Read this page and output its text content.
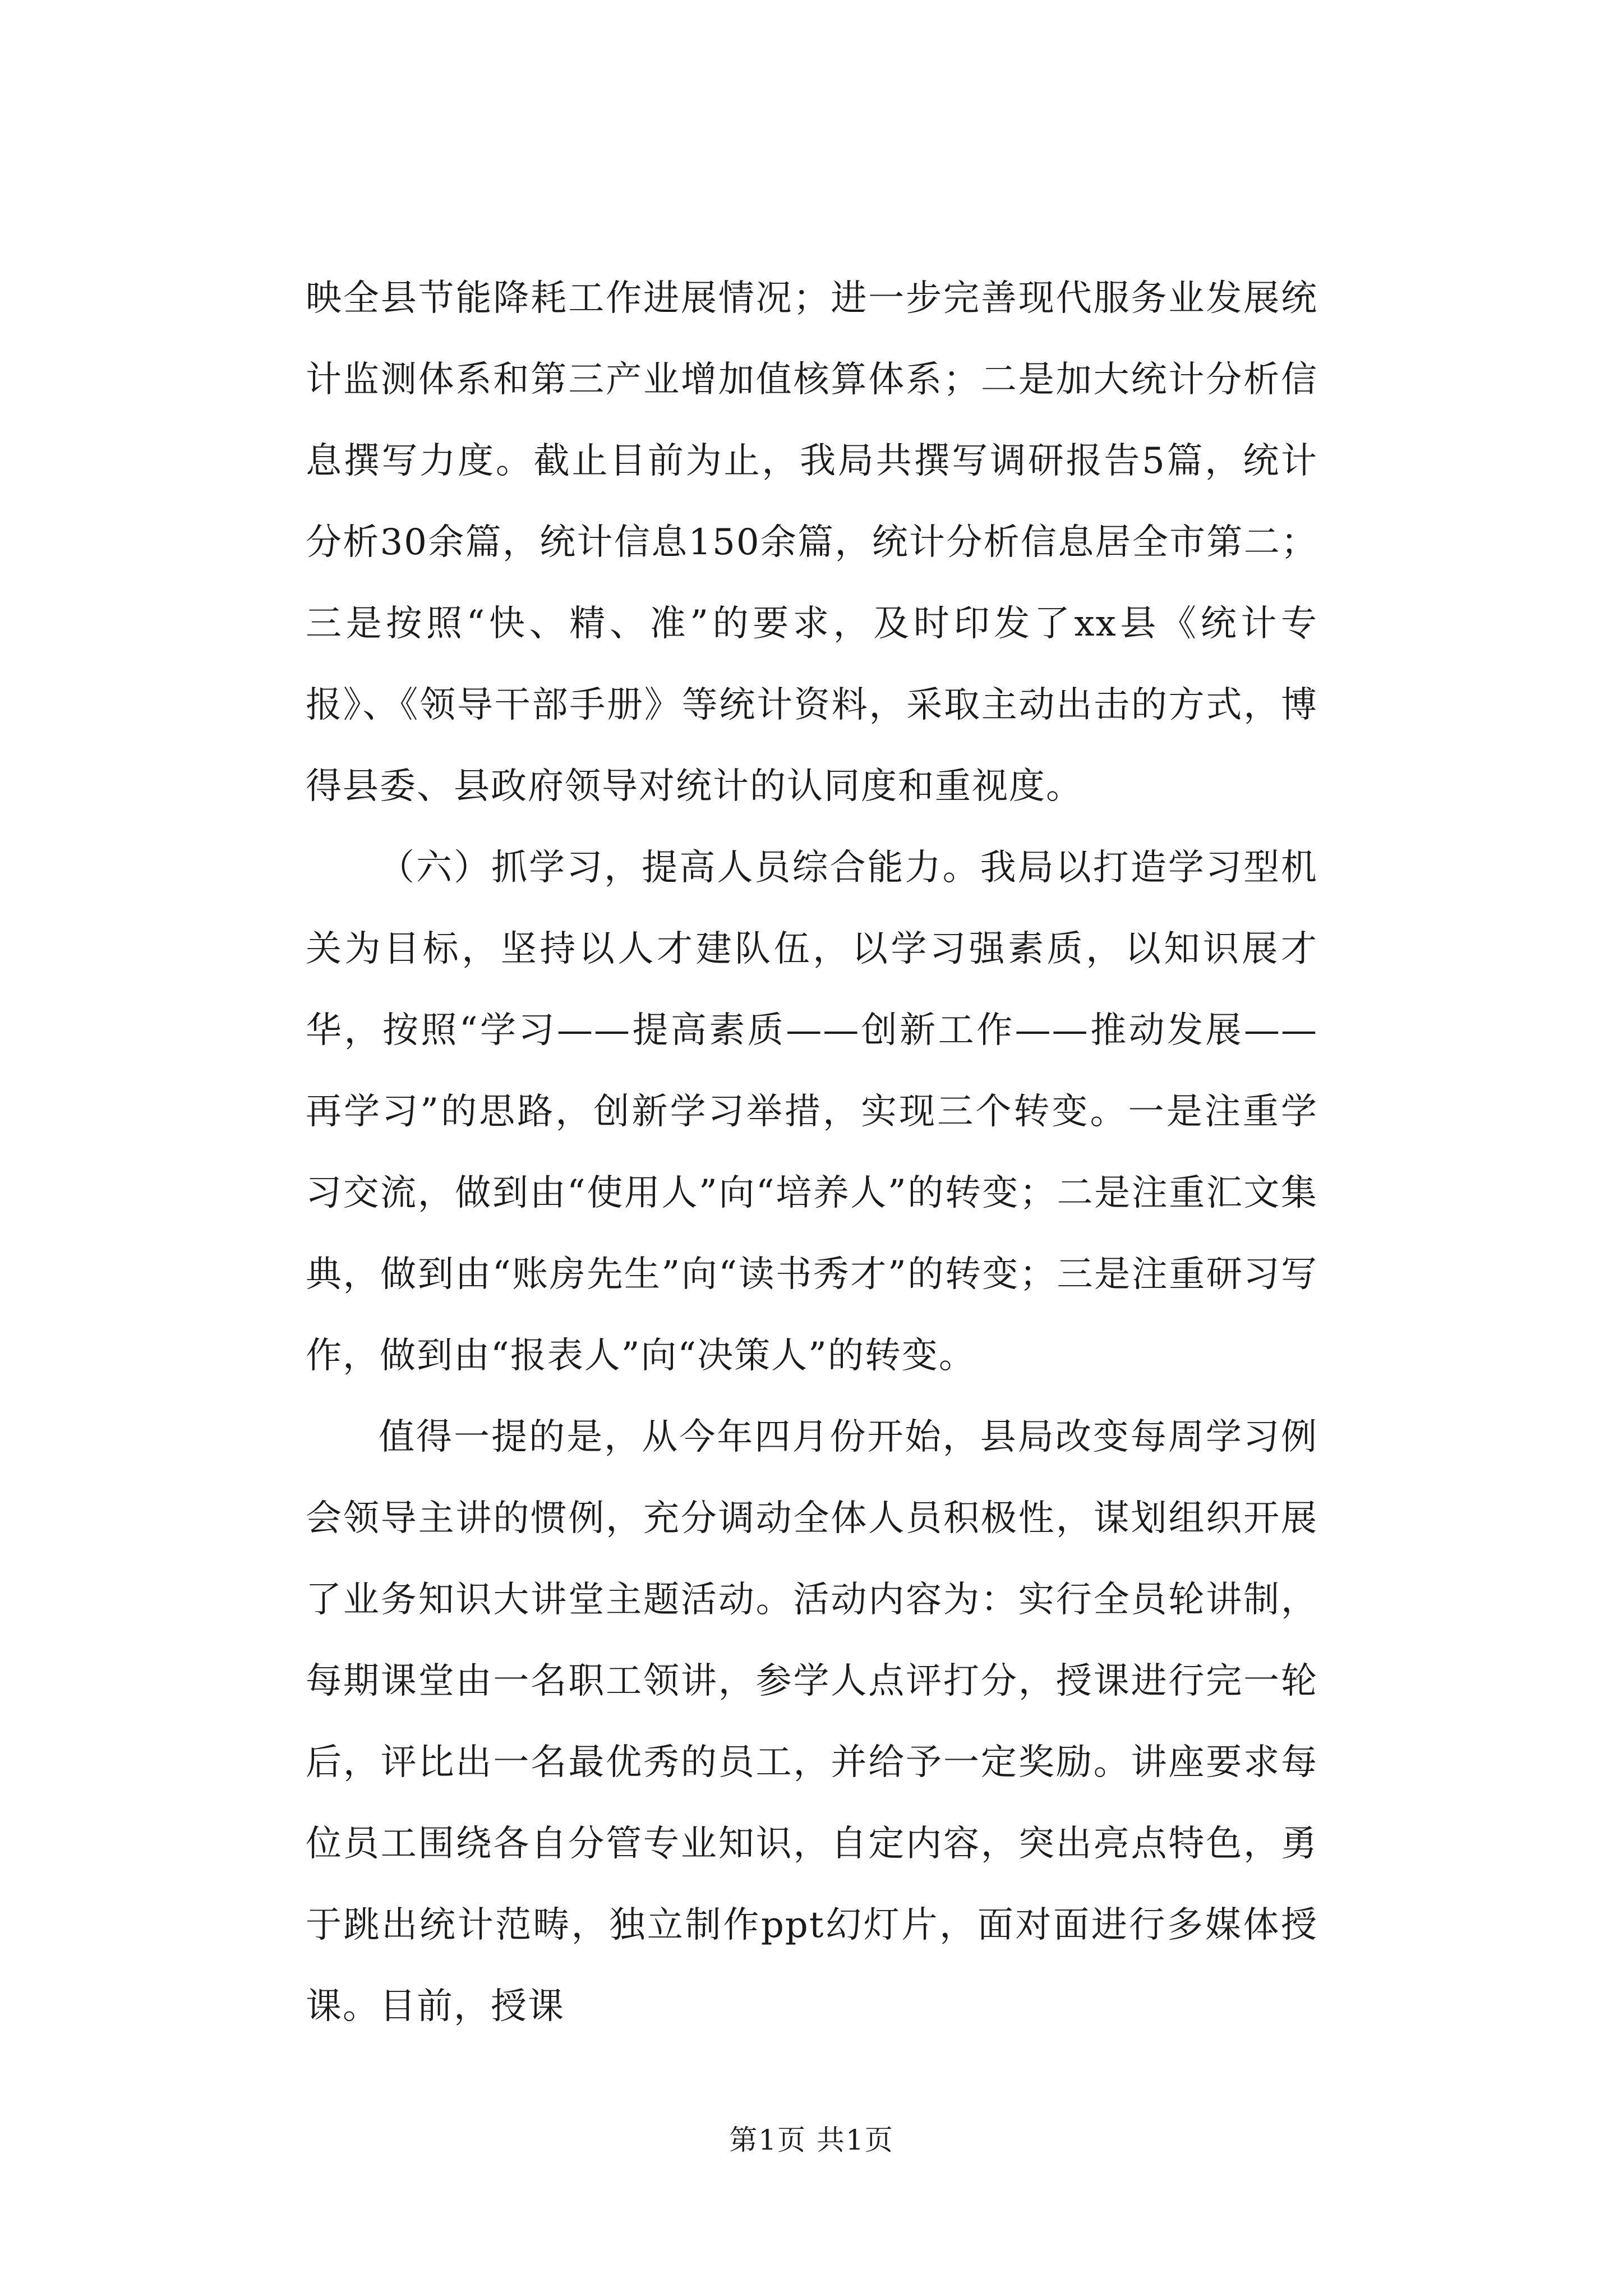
映全县节能降耗工作进展情况；进一步完善现代服务业发展统计监测体系和第三产业增加值核算体系；二是加大统计分析信息撰写力度。截止目前为止，我局共撰写调研报告5篇，统计分析30余篇，统计信息150余篇，统计分析信息居全市第二；三是按照“快、精、准”的要求，及时印发了xx县《统计专报》、《领导干部手册》等统计资料，采取主动出击的方式，博得县委、县政府领导对统计的认同度和重视度。

（六）抓学习，提高人员综合能力。我局以打造学习型机关为目标，坚持以人才建队伍，以学习强素质，以知识展才华，按照“学习——提高素质——创新工作——推动发展——再学习”的思路，创新学习举措，实现三个转变。一是注重学习交流，做到由“使用人”向“培养人”的转变；二是注重汇文集典，做到由“账房先生”向“读书秀才”的转变；三是注重研习写作，做到由“报表人”向“决策人”的转变。

值得一提的是，从今年四月份开始，县局改变每周学习例会领导主讲的惯例，充分调动全体人员积极性，谋划组织开展了业务知识大讲堂主题活动。活动内容为：实行全员轮讲制，每期课堂由一名职工领讲，参学人点评打分，授课进行完一轮后，评比出一名最优秀的员工，并给予一定奖励。讲座要求每位员工围绕各自分管专业知识，自定内容，突出亮点特色，勇于跳出统计范畴，独立制作ppt幻灯片，面对面进行多媒体授课。目前，授课

第1页 共1页
